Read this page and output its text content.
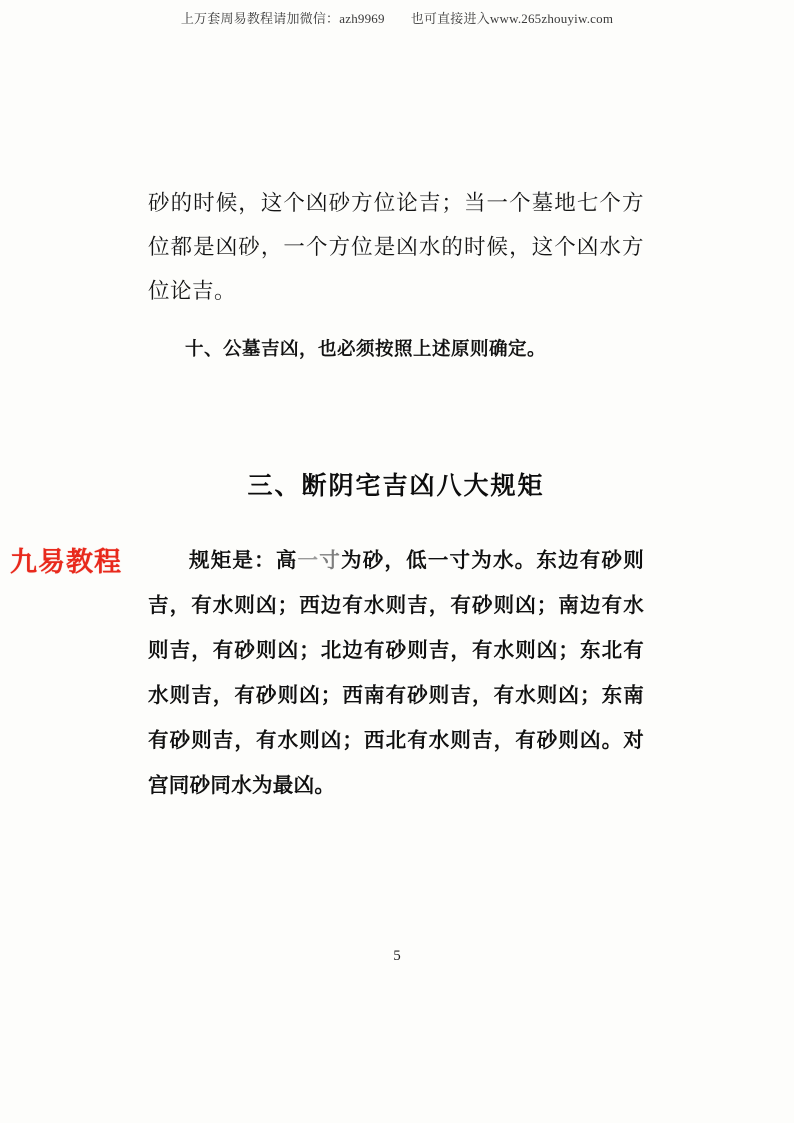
上万套周易教程请加微信：azh9969 也可直接进入www.265zhouyiw.com
九易教程

砂的时候，这个凶砂方位论吉；当一个墓地七个方位都是凶砂，一个方位是凶水的时候，这个凶水方位论吉。

十、公墓吉凶，也必须按照上述原则确定。

三、断阴宅吉凶八大规矩

规矩是：高一寸为砂，低一寸为水。东边有砂则吉，有水则凶；西边有水则吉，有砂则凶；南边有水则吉，有砂则凶；北边有砂则吉，有水则凶；东北有水则吉，有砂则凶；西南有砂则吉，有水则凶；东南有砂则吉，有水则凶；西北有水则吉，有砂则凶。对宫同砂同水为最凶。

5
